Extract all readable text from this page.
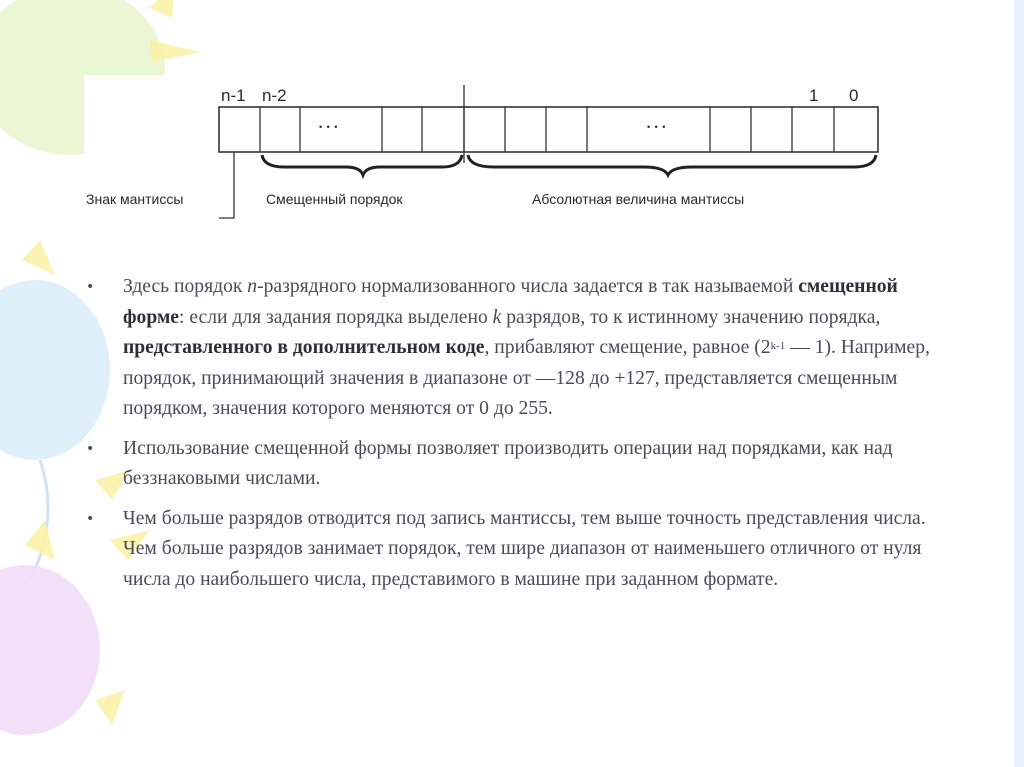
n-1 n-2	1 0
• • •	• • •
Знак мантиссы	Смещенный порядок	Абсолютная величина мантиссы
• Здесь порядок n-разрядного нормализованного числа задается в так называемой смещенной форме: если для задания порядка выделено k разрядов, то к истинному значению порядка, представленного в дополнительном коде, прибавляют смещение, равное (2$^{k-1}$ — 1). Например, порядок, принимающий значения в диапазоне от —128 до +127, представляется смещенным порядком, значения которого меняются от 0 до 255.
• Использование смещенной формы позволяет производить операции над порядками, как над беззнаковыми числами.
• Чем больше разрядов отводится под запись мантиссы, тем выше точность представления числа. Чем больше разрядов занимает порядок, тем шире диапазон от наименьшего отличного от нуля числа до наибольшего числа, представимого в машине при заданном формате.
